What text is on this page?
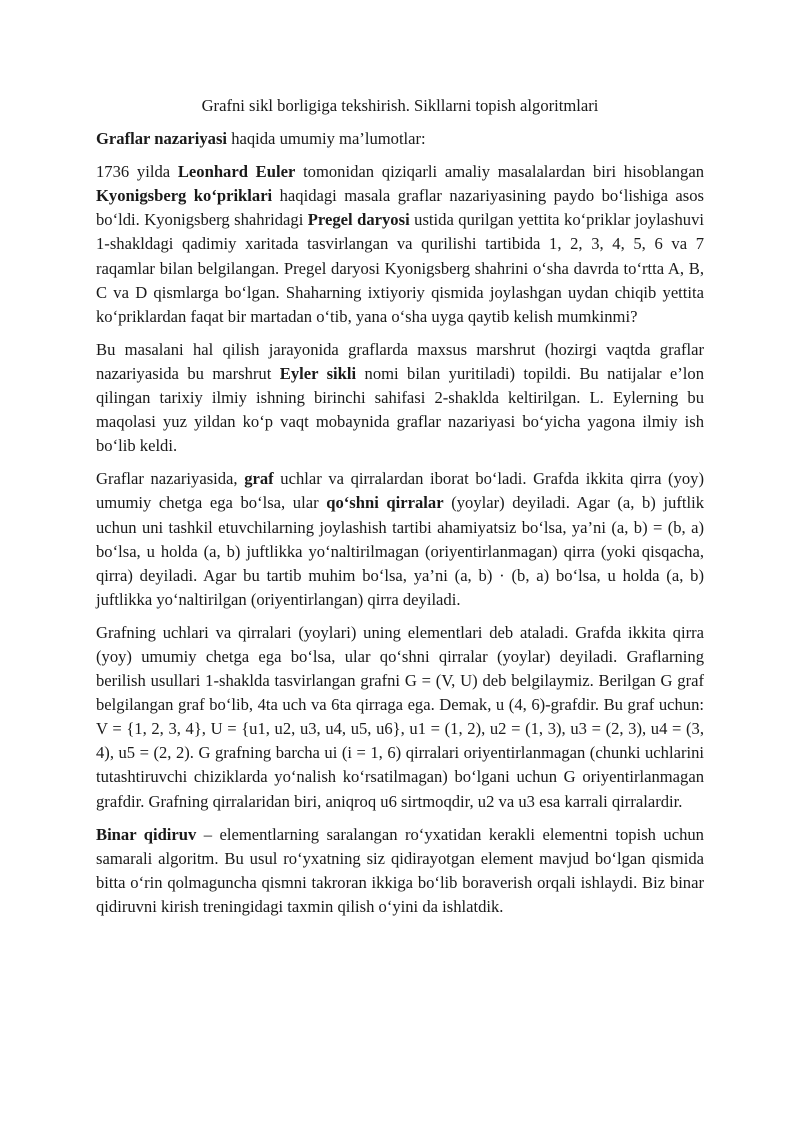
Grafni sikl borligiga tekshirish. Sikllarni topish algoritmlari

Graflar nazariyasi haqida umumiy ma’lumotlar:

1736 yilda Leonhard Euler tomonidan qiziqarli amaliy masalalardan biri hisoblangan Kyonigsberg ko‘priklari haqidagi masala graflar nazariyasining paydo bo‘lishiga asos bo‘ldi. Kyonigsberg shahridagi Pregel daryosi ustida qurilgan yettita ko‘priklar joylashuvi 1-shakldagi qadimiy xaritada tasvirlangan va qurilishi tartibida 1, 2, 3, 4, 5, 6 va 7 raqamlar bilan belgilangan. Pregel daryosi Kyonigsberg shahrini o‘sha davrda to‘rtta A, B, C va D qismlarga bo‘lgan. Shaharning ixtiyoriy qismida joylashgan uydan chiqib yettita ko‘priklardan faqat bir martadan o‘tib, yana o‘sha uyga qaytib kelish mumkinmi?

Bu masalani hal qilish jarayonida graflarda maxsus marshrut (hozirgi vaqtda graflar nazariyasida bu marshrut Eyler sikli nomi bilan yuritiladi) topildi. Bu natijalar e’lon qilingan tarixiy ilmiy ishning birinchi sahifasi 2-shaklda keltirilgan. L. Eylerning bu maqolasi yuz yildan ko‘p vaqt mobaynida graflar nazariyasi bo‘yicha yagona ilmiy ish bo‘lib keldi.

Graflar nazariyasida, graf uchlar va qirralardan iborat bo‘ladi. Grafda ikkita qirra (yoy) umumiy chetga ega bo‘lsa, ular qo‘shni qirralar (yoylar) deyiladi. Agar (a, b) juftlik uchun uni tashkil etuvchilarning joylashish tartibi ahamiyatsiz bo‘lsa, ya’ni (a, b) = (b, a) bo‘lsa, u holda (a, b) juftlikka yo‘naltirilmagan (oriyentirlanmagan) qirra (yoki qisqacha, qirra) deyiladi. Agar bu tartib muhim bo‘lsa, ya’ni (a, b) · (b, a) bo‘lsa, u holda (a, b) juftlikka yo‘naltirilgan (oriyentirlangan) qirra deyiladi.

Grafning uchlari va qirralari (yoylari) uning elementlari deb ataladi. Grafda ikkita qirra (yoy) umumiy chetga ega bo‘lsa, ular qo‘shni qirralar (yoylar) deyiladi. Graflarning berilish usullari 1-shaklda tasvirlangan grafni G = (V, U) deb belgilaymiz. Berilgan G graf belgilangan graf bo‘lib, 4ta uch va 6ta qirraga ega. Demak, u (4, 6)-grafdir. Bu graf uchun: V = {1, 2, 3, 4}, U = {u1, u2, u3, u4, u5, u6}, u1 = (1, 2), u2 = (1, 3), u3 = (2, 3), u4 = (3, 4), u5 = (2, 2). G grafning barcha ui (i = 1, 6) qirralari oriyentirlanmagan (chunki uchlarini tutashtiruvchi chiziklarda yo‘nalish ko‘rsatilmagan) bo‘lgani uchun G oriyentirlanmagan grafdir. Grafning qirralaridan biri, aniqroq u6 sirtmoqdir, u2 va u3 esa karrali qirralardir.

Binar qidiruv – elementlarning saralangan ro‘yxatidan kerakli elementni topish uchun samarali algoritm. Bu usul ro‘yxatning siz qidirayotgan element mavjud bo‘lgan qismida bitta o‘rin qolmaguncha qismni takroran ikkiga bo‘lib boraverish orqali ishlaydi. Biz binar qidiruvni kirish treningidagi taxmin qilish o‘yini da ishlatdik.
